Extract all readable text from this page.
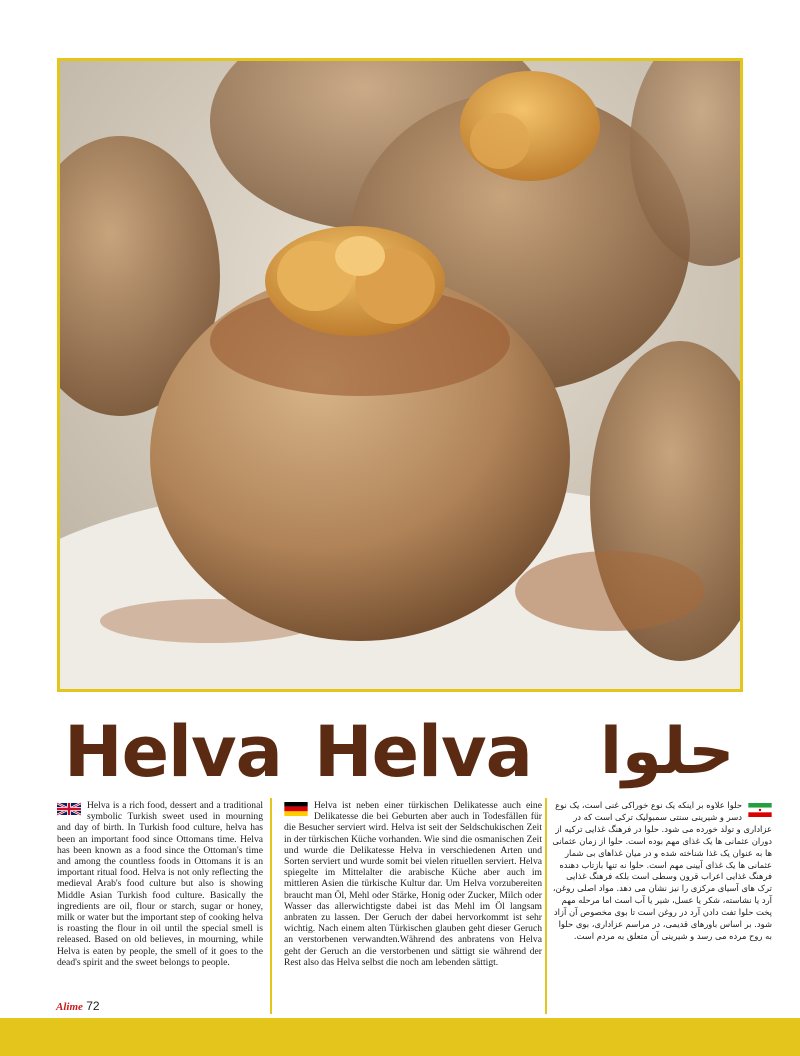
Helva Helva حلوا

Helva is a rich food, dessert and a traditional symbolic Turkish sweet used in mourning and day of birth. In Turkish food culture, helva has been an important food since Ottomans time. Helva has been known as a food since the Ottoman's time and among the countless foods in Ottomans it is an important ritual food. Helva is not only reflecting the medieval Arab's food culture but also is showing Middle Asian Turkish food culture. Basically the ingredients are oil, flour or starch, sugar or honey, milk or water but the important step of cooking helva is roasting the flour in oil until the special smell is released. Based on old believes, in mourning, while Helva is eaten by people, the smell of it goes to the dead's spirit and the sweet belongs to people.

Helva ist neben einer türkischen Delikatesse auch eine Delikatesse die bei Geburten aber auch in Todesfällen für die Besucher serviert wird. Helva ist seit der Seldschukischen Zeit in der türkischen Küche vorhanden. Wie sind die osmanischen Zeit und wurde die Delikatesse Helva in verschiedenen Arten und Sorten serviert und wurde somit bei vielen rituellen serviert. Helva spiegelte im Mittelalter die arabische Küche aber auch im mittleren Asien die türkische Kultur dar. Um Helva vorzubereiten braucht man Öl, Mehl oder Stärke, Honig oder Zucker, Milch oder Wasser das allerwichtigste dabei ist das Mehl im Öl langsam anbraten zu lassen. Der Geruch der dabei hervorkommt ist sehr wichtig. Nach einem alten Türkischen glauben geht dieser Geruch an verstorbenen verwandten.Während des anbratens von Helva geht der Geruch an die verstorbenen und sättigt sie während der Rest also das Helva selbst die noch am lebenden sättigt.

حلوا علاوه بر اینکه یک نوع خوراکی غنی است، یک نوع دسر و شیرینی سنتی سمبولیک ترکی است که در عزاداری و تولد خورده می شود. حلوا در فرهنگ غذایی ترکیه از دوران عثمانی ها یک غذای مهم بوده است. حلوا از زمان عثمانی ها به عنوان یک غذا شناخته شده و در میان غذاهای بی شمار عثمانی ها یک غذای آیینی مهم است. حلوا نه تنها بازتاب دهنده فرهنگ غذایی اعراب قرون وسطی است بلکه فرهنگ غذایی ترک های آسیای مرکزی را نیز نشان می دهد. مواد اصلی روغن، آرد یا نشاسته، شکر یا عسل، شیر یا آب است اما مرحله مهم پخت حلوا تفت دادن آرد در روغن است تا بوی مخصوص آن آزاد شود. بر اساس باورهای قدیمی، در مراسم عزاداری، بوی حلوا به روح مرده می رسد و شیرینی آن متعلق به مردم است.

Alime 72
